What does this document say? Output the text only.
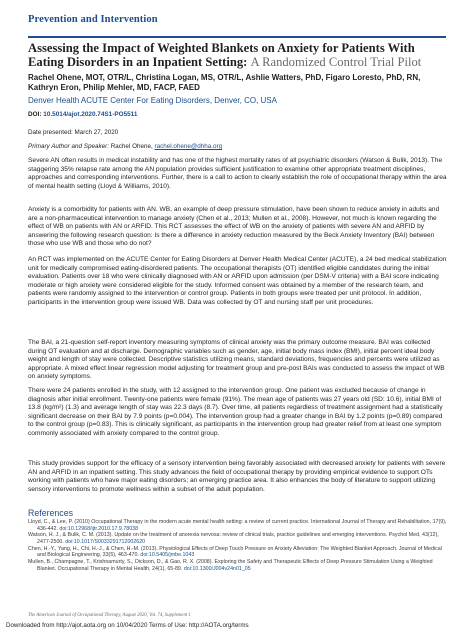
Prevention and Intervention
Assessing the Impact of Weighted Blankets on Anxiety for Patients With Eating Disorders in an Inpatient Setting: A Randomized Control Trial Pilot
Rachel Ohene, MOT, OTR/L, Christina Logan, MS, OTR/L, Ashlie Watters, PhD, Figaro Loresto, PhD, RN, Kathryn Eron, Philip Mehler, MD, FACP, FAED
Denver Health ACUTE Center For Eating Disorders, Denver, CO, USA
DOI: 10.5014/ajot.2020.74S1-PO5511
Date presented: March 27, 2020
Primary Author and Speaker: Rachel Ohene, rachel.ohene@dhha.org
Severe AN often results in medical instability and has one of the highest mortality rates of all psychiatric disorders (Watson & Bulik, 2013). The staggering 35% relapse rate among the AN population provides sufficient justification to examine other appropriate treatment disciplines, approaches and corresponding interventions. Further, there is a call to action to clearly establish the role of occupational therapy within the area of mental health setting (Lloyd & Williams, 2010).
Anxiety is a comorbidity for patients with AN. WB, an example of deep pressure stimulation, have been shown to reduce anxiety in adults and are a non-pharmaceutical intervention to manage anxiety (Chen et al., 2013; Mullen et al., 2008). However, not much is known regarding the effect of WB on patients with AN or ARFID. This RCT assesses the effect of WB on the anxiety of patients with severe AN and ARFID by answering the following research question: Is there a difference in anxiety reduction measured by the Beck Anxiety Inventory (BAI) between those who use WB and those who do not?
An RCT was implemented on the ACUTE Center for Eating Disorders at Denver Health Medical Center (ACUTE), a 24 bed medical stabilization unit for medically compromised eating-disordered patients. The occupational therapists (OT) identified eligible candidates during the initial evaluation. Patients over 18 who were clinically diagnosed with AN or ARFID upon admission (per DSM-V criteria) with a BAI score indicating moderate or high anxiety were considered eligible for the study. Informed consent was obtained by a member of the research team, and patients were randomly assigned to the intervention or control group. Patients in both groups were treated per unit protocol. In addition, participants in the intervention group were issued WB. Data was collected by OT and nursing staff per unit procedures.
The BAI, a 21-question self-report inventory measuring symptoms of clinical anxiety was the primary outcome measure. BAI was collected during OT evaluation and at discharge. Demographic variables such as gender, age, initial body mass index (BMI), initial percent ideal body weight and length of stay were collected. Descriptive statistics utilizing means, standard deviations, frequencies and percents were utilized as appropriate. A mixed effect linear regression model adjusting for treatment group and pre-post BAIs was conducted to assess the impact of WB on anxiety symptoms.
There were 24 patients enrolled in the study, with 12 assigned to the intervention group. One patient was excluded because of change in diagnosis after initial enrollment. Twenty-one patients were female (91%). The mean age of patients was 27 years old (SD: 10.6), initial BMI of 13.8 (kg/m²) (1.3) and average length of stay was 22.3 days (8.7). Over time, all patients regardless of treatment assignment had a statistically significant decrease on their BAI by 7.9 points (p=0.004). The intervention group had a greater change in BAI by 1.2 points (p=0.89) compared to the control group (p=0.83). This is clinically significant, as participants in the intervention group had greater relief from at least one symptom commonly associated with anxiety compared to the control group.
This study provides support for the efficacy of a sensory intervention being favorably associated with decreased anxiety for patients with severe AN and ARFID in an inpatient setting. This study advances the field of occupational therapy by providing empirical evidence to support OTs working with patients who have major eating disorders; an emerging practice area. It also enhances the body of literature to support utilizing sensory interventions to promote wellness within a subset of the adult population.
References
Lloyd, C., & Lee, P. (2010) Occupational Therapy in the modern acute mental health setting: a review of current practice. International Journal of Therapy and Rehabilitation, 17(9), 436-442. doi:10.12968/ijtr.2010.17.9.78038
Watson, H. J., & Bulik, C. M. (2013). Update on the treatment of anorexia nervosa: review of clinical trials, practice guidelines and emerging interventions. Psychol Med, 43(12), 2477-2500. doi:10.1017/S0033291712002620
Chen, H.-Y., Yang, H., Chi, H.-J., & Chen, H.-M. (2013). Physiological Effects of Deep Touch Pressure on Anxiety Alleviation: The Weighted Blanket Approach. Journal of Medical and Biological Engineering, 33(5), 463-470. doi:10.5405/jmbe.1043
Mullen, B., Champagne, T., Krishnamurty, S., Dickson, D., & Gao, R. X. (2008). Exploring the Safety and Therapeutic Effects of Deep Pressure Stimulation Using a Weighted Blanket. Occupational Therapy in Mental Health, 24(1), 65-89. doi:10.1300/J004v24n01_05
The American Journal of Occupational Therapy, August 2020, Vol. 74, Supplement 1
Downloaded from http://ajot.aota.org on 10/04/2020 Terms of Use: http://AOTA.org/terms
